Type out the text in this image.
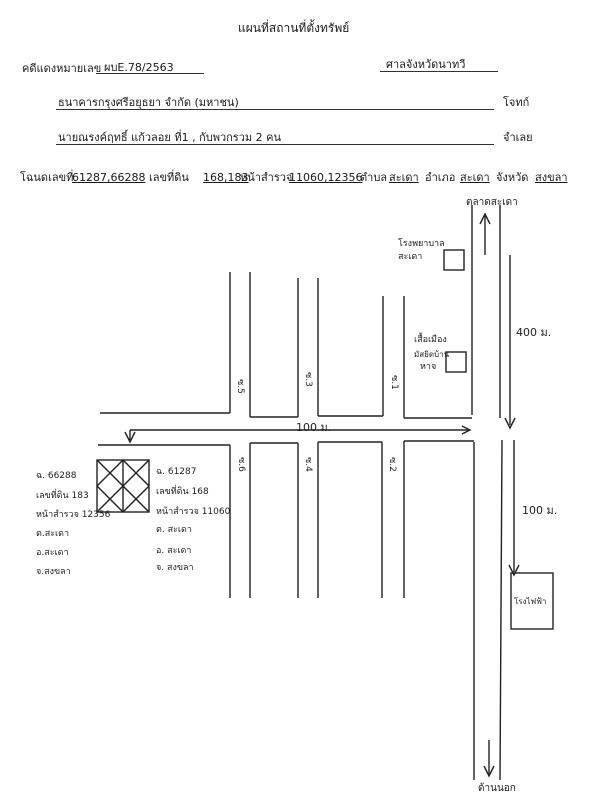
แผนที่สถานที่ตั้งทรัพย์
คดีแดงหมายเลข ผบE.78/2563	ศาลจังหวัดนาทวี
ธนาคารกรุงศรีอยุธยา จำกัด (มหาชน)	โจทก์
นายณรงค์ฤทธิ์ แก้วลอย ที่1 , กับพวกรวม 2 คน	จำเลย
โฉนดเลขที่
61287,66288 เลขที่ดิน 168,183
หน้าสำรวจ
11060,12356
ตำบล สะเดา อำเภอ สะเดา จังหวัด สงขลา
ตลาดสะเดา
ด้านนอก
โรงพยาบาล
สะเดา
เสื้อเมือง
มัสยิดบ้าน
หาจ
โรงไฟฟ้า
400 ม.
100 ม.
100 ม.
ซ.5	ซ.3	ซ.1
ซ.6	ซ.4	ซ.2
ฉ. 66288
เลขที่ดิน 183
หน้าสำรวจ 12356
ต.สะเดา
อ.สะเดา
จ.สงขลา
ฉ. 61287
เลขที่ดิน 168
หน้าสำรวจ 11060
ต. สะเดา
อ. สะเดา
จ. สงขลา
